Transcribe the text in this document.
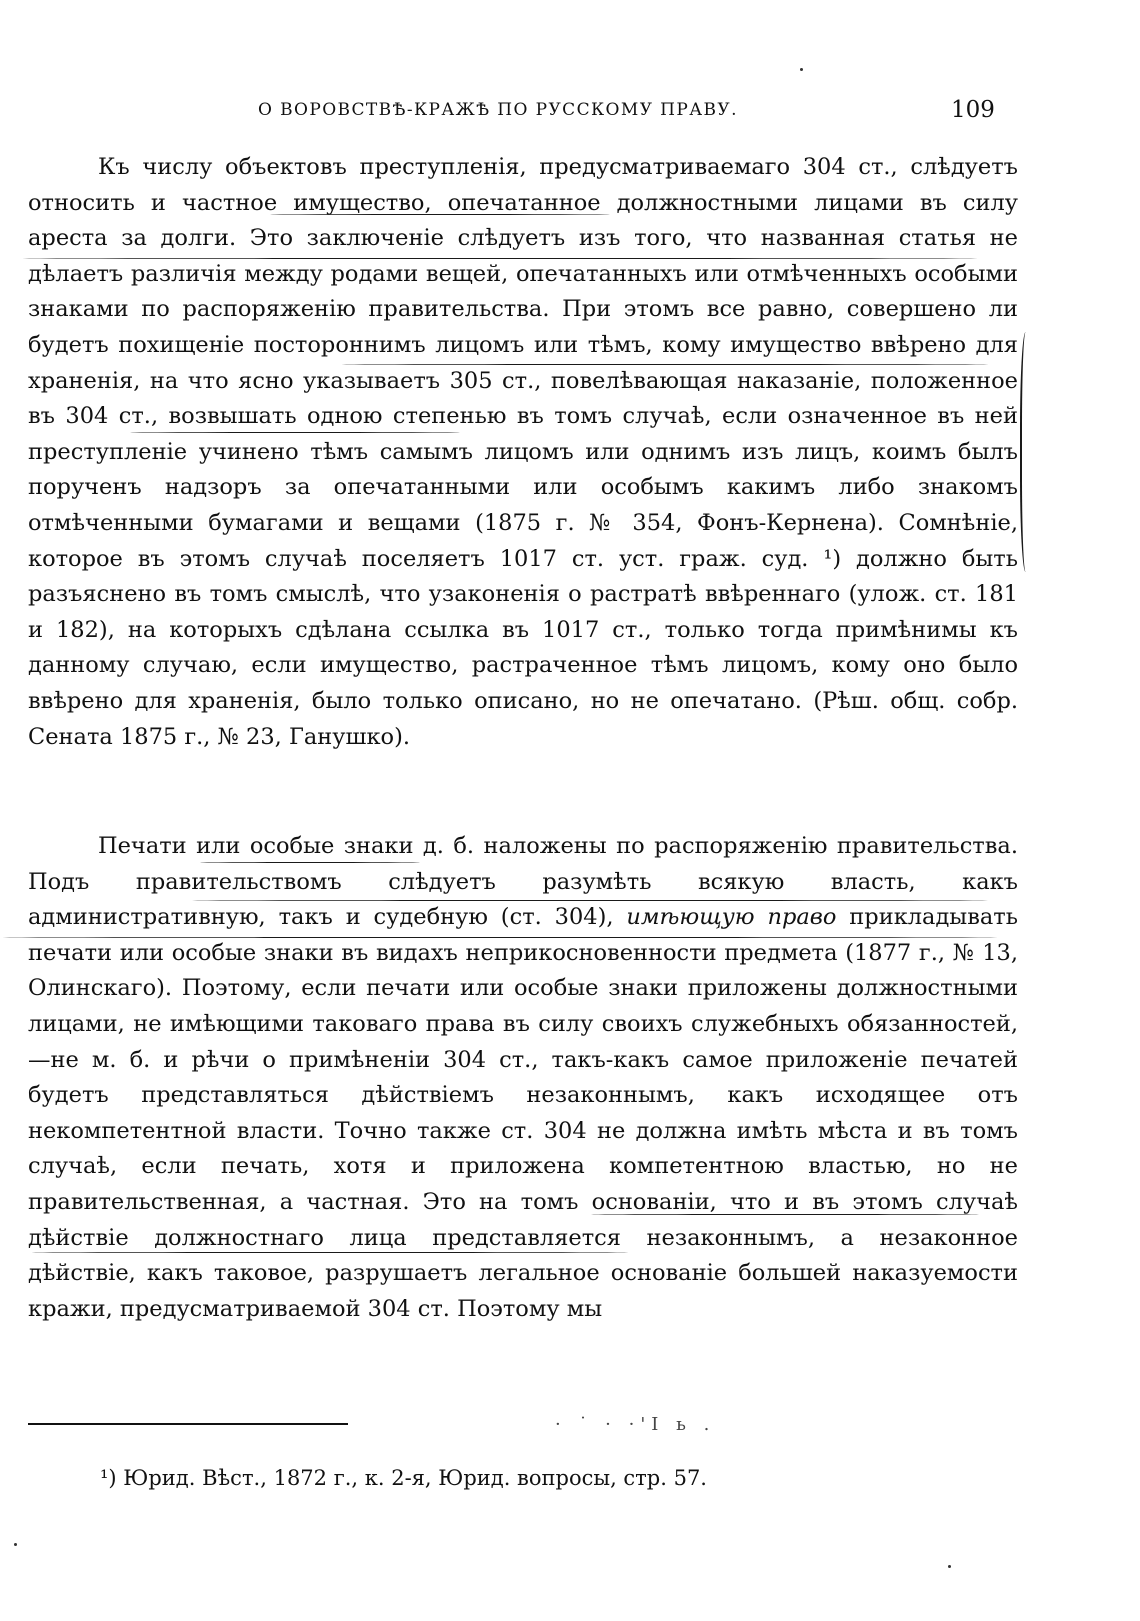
О ВОРОВСТВѢ-КРАЖѢ ПО РУССКОМУ ПРАВУ.	109

Къ числу объектовъ преступленія, предусматриваемаго 304 ст., слѣдуетъ относить и частное имущество, опечатанное должностными лицами въ силу ареста за долги. Это заключеніе слѣдуетъ изъ того, что названная статья не дѣлаетъ различія между родами вещей, опечатанныхъ или отмѣченныхъ особыми знаками по распоряженію правительства. При этомъ все равно, совершено ли будетъ похищеніе постороннимъ лицомъ или тѣмъ, кому имущество ввѣрено для храненія, на что ясно указываетъ 305 ст., повелѣвающая наказаніе, положенное въ 304 ст., возвышать одною степенью въ томъ случаѣ, если означенное въ ней преступленіе учинено тѣмъ самымъ лицомъ или однимъ изъ лицъ, коимъ былъ порученъ надзоръ за опечатанными или особымъ какимъ либо знакомъ отмѣченными бумагами и вещами (1875 г. № 354, Фонъ-Кернена). Сомнѣніе, которое въ этомъ случаѣ поселяетъ 1017 ст. уст. граж. суд. ¹) должно быть разъяснено въ томъ смыслѣ, что узаконенія о растратѣ ввѣреннаго (улож. ст. 181 и 182), на которыхъ сдѣлана ссылка въ 1017 ст., только тогда примѣнимы къ данному случаю, если имущество, растраченное тѣмъ лицомъ, кому оно было ввѣрено для храненія, было только описано, но не опечатано. (Рѣш. общ. собр. Сената 1875 г., № 23, Ганушко).

Печати или особые знаки д. б. наложены по распоряженію правительства. Подъ правительствомъ слѣдуетъ разумѣть всякую власть, какъ административную, такъ и судебную (ст. 304), имѣющую право прикладывать печати или особые знаки въ видахъ неприкосновенности предмета (1877 г., № 13, Олинскаго). Поэтому, если печати или особые знаки приложены должностными лицами, не имѣющими таковаго права въ силу своихъ служебныхъ обязанностей,—не м. б. и рѣчи о примѣненіи 304 ст., такъ-какъ самое приложеніе печатей будетъ представляться дѣйствіемъ незаконнымъ, какъ исходящее отъ некомпетентной власти. Точно также ст. 304 не должна имѣть мѣста и въ томъ случаѣ, если печать, хотя и приложена компетентною властью, но не правительственная, а частная. Это на томъ основаніи, что и въ этомъ случаѣ дѣйствіе должностнаго лица представляется незаконнымъ, а незаконное дѣйствіе, какъ таковое, разрушаетъ легальное основаніе большей наказуемости кражи, предусматриваемой 304 ст. Поэтому мы

· ˙ · ·'I ь .
¹) Юрид. Вѣст., 1872 г., к. 2-я, Юрид. вопросы, стр. 57.
